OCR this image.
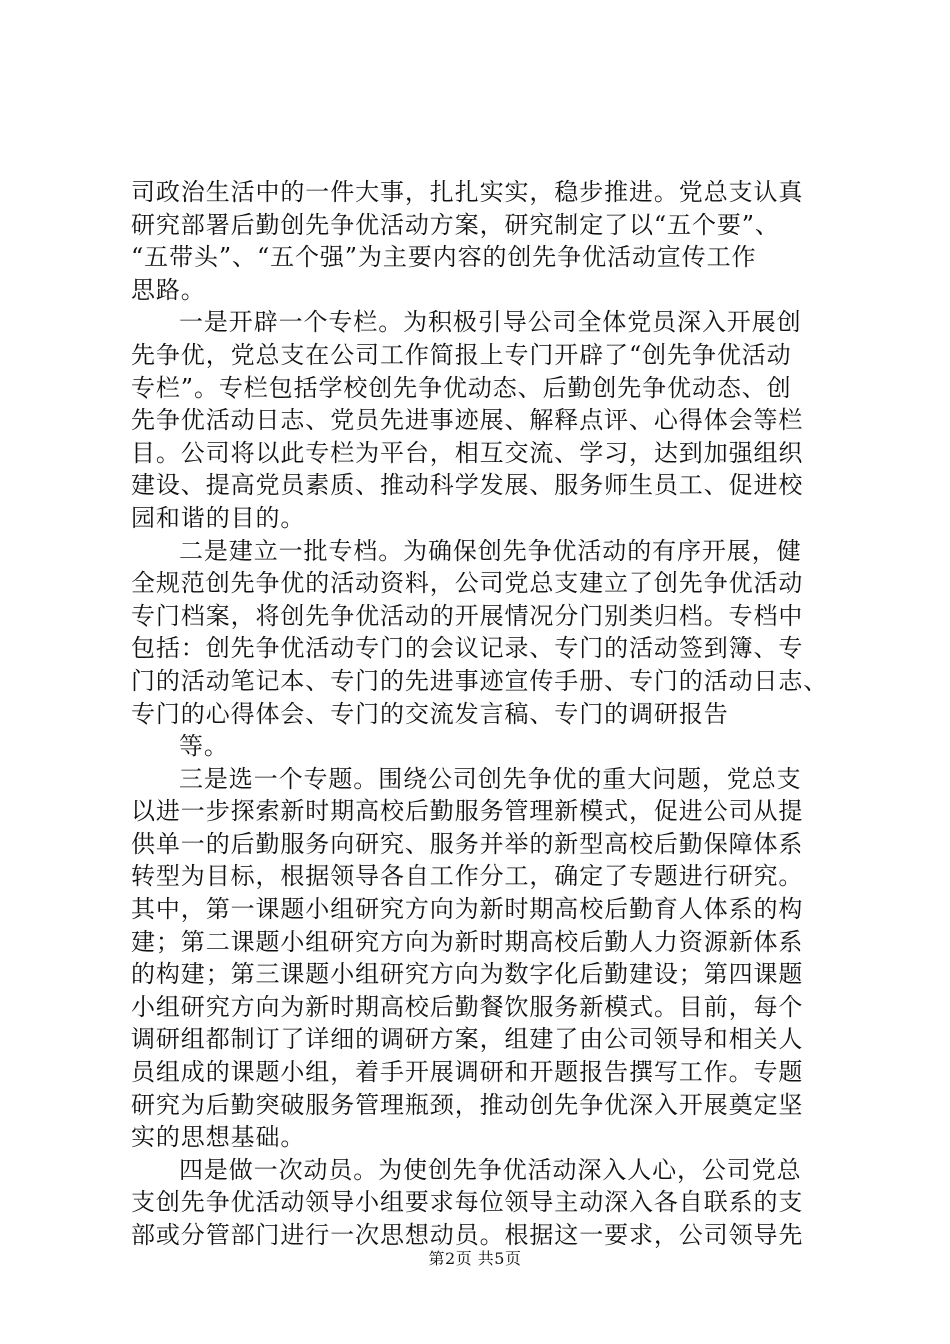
司政治生活中的一件大事，扎扎实实，稳步推进。党总支认真
研究部署后勤创先争优活动方案，研究制定了以“五个要”、
“五带头”、“五个强”为主要内容的创先争优活动宣传工作
思路。
一是开辟一个专栏。为积极引导公司全体党员深入开展创
先争优，党总支在公司工作简报上专门开辟了“创先争优活动
专栏”。专栏包括学校创先争优动态、后勤创先争优动态、创
先争优活动日志、党员先进事迹展、解释点评、心得体会等栏
目。公司将以此专栏为平台，相互交流、学习，达到加强组织
建设、提高党员素质、推动科学发展、服务师生员工、促进校
园和谐的目的。
二是建立一批专档。为确保创先争优活动的有序开展，健
全规范创先争优的活动资料，公司党总支建立了创先争优活动
专门档案，将创先争优活动的开展情况分门别类归档。专档中
包括：创先争优活动专门的会议记录、专门的活动签到簿、专
门的活动笔记本、专门的先进事迹宣传手册、专门的活动日志、
专门的心得体会、专门的交流发言稿、专门的调研报告
等。
三是选一个专题。围绕公司创先争优的重大问题，党总支
以进一步探索新时期高校后勤服务管理新模式，促进公司从提
供单一的后勤服务向研究、服务并举的新型高校后勤保障体系
转型为目标，根据领导各自工作分工，确定了专题进行研究。
其中，第一课题小组研究方向为新时期高校后勤育人体系的构
建；第二课题小组研究方向为新时期高校后勤人力资源新体系
的构建；第三课题小组研究方向为数字化后勤建设；第四课题
小组研究方向为新时期高校后勤餐饮服务新模式。目前，每个
调研组都制订了详细的调研方案，组建了由公司领导和相关人
员组成的课题小组，着手开展调研和开题报告撰写工作。专题
研究为后勤突破服务管理瓶颈，推动创先争优深入开展奠定坚
实的思想基础。
四是做一次动员。为使创先争优活动深入人心，公司党总
支创先争优活动领导小组要求每位领导主动深入各自联系的支
部或分管部门进行一次思想动员。根据这一要求，公司领导先
第2页 共5页
